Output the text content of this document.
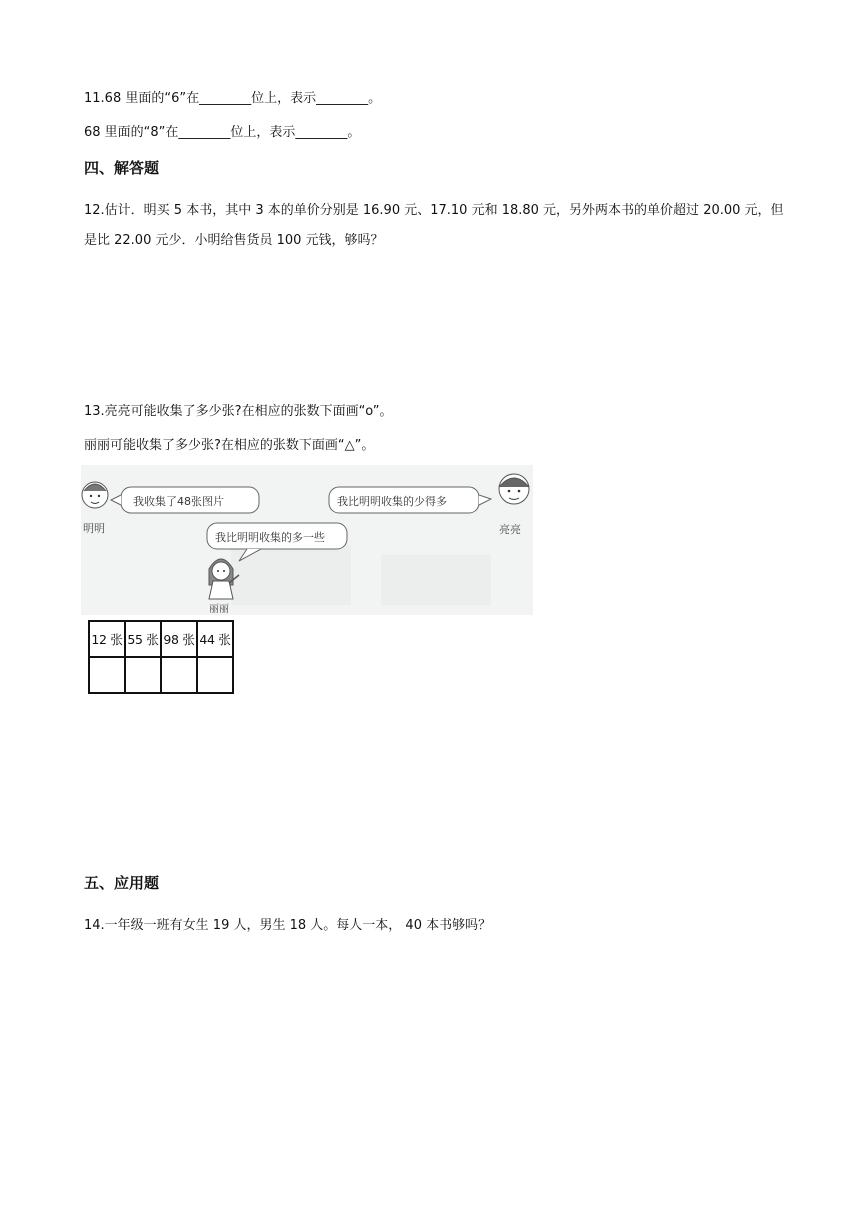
11.68 里面的“6”在________位上，表示________。
68 里面的“8”在________位上，表示________。
四、解答题
12.估计．明买 5 本书，其中 3 本的单价分别是 16.90 元、17.10 元和 18.80 元，另外两本书的单价超过 20.00 元，但是比 22.00 元少．小明给售货员 100 元钱，够吗？
13.亮亮可能收集了多少张?在相应的张数下面画“o”。
丽丽可能收集了多少张?在相应的张数下面画“△”。
明明
我收集了48张图片	我比明明收集的少得多
亮亮
我比明明收集的多一些
丽丽
12 张	55 张	98 张	44 张

五、应用题
14.一年级一班有女生 19 人，男生 18 人。每人一本， 40 本书够吗？
